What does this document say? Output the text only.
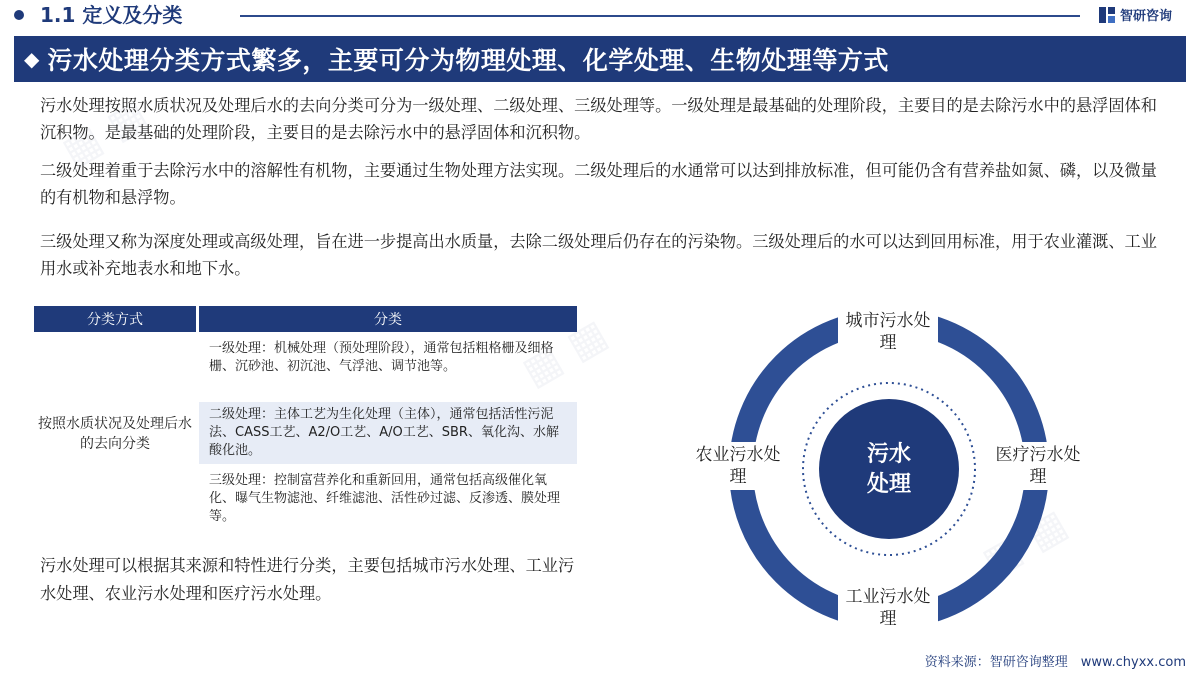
▦ ▦
▦ ▦
▦ ▦
1.1 定义及分类	智研咨询
◆ 污水处理分类方式繁多，主要可分为物理处理、化学处理、生物处理等方式
污水处理按照水质状况及处理后水的去向分类可分为一级处理、二级处理、三级处理等。一级处理是最基础的处理阶段，主要目的是去除污水中的悬浮固体和沉积物。是最基础的处理阶段，主要目的是去除污水中的悬浮固体和沉积物。
二级处理着重于去除污水中的溶解性有机物，主要通过生物处理方法实现。二级处理后的水通常可以达到排放标准，但可能仍含有营养盐如氮、磷，以及微量的有机物和悬浮物。
三级处理又称为深度处理或高级处理，旨在进一步提高出水质量，去除二级处理后仍存在的污染物。三级处理后的水可以达到回用标准，用于农业灌溉、工业用水或补充地表水和地下水。
分类方式	分类
按照水质状况及处理后水的去向分类
一级处理：机械处理（预处理阶段），通常包括粗格栅及细格栅、沉砂池、初沉池、气浮池、调节池等。
二级处理：主体工艺为生化处理（主体），通常包括活性污泥法、CASS工艺、A2/O工艺、A/O工艺、SBR、氧化沟、水解酸化池。
三级处理：控制富营养化和重新回用，通常包括高级催化氧化、曝气生物滤池、纤维滤池、活性砂过滤、反渗透、膜处理等。
污水处理可以根据其来源和特性进行分类，主要包括城市污水处理、工业污水处理、农业污水处理和医疗污水处理。
城市污水处理
医疗污水处理
工业污水处理
农业污水处理
污水处理
资料来源：智研咨询整理　www.chyxx.com
